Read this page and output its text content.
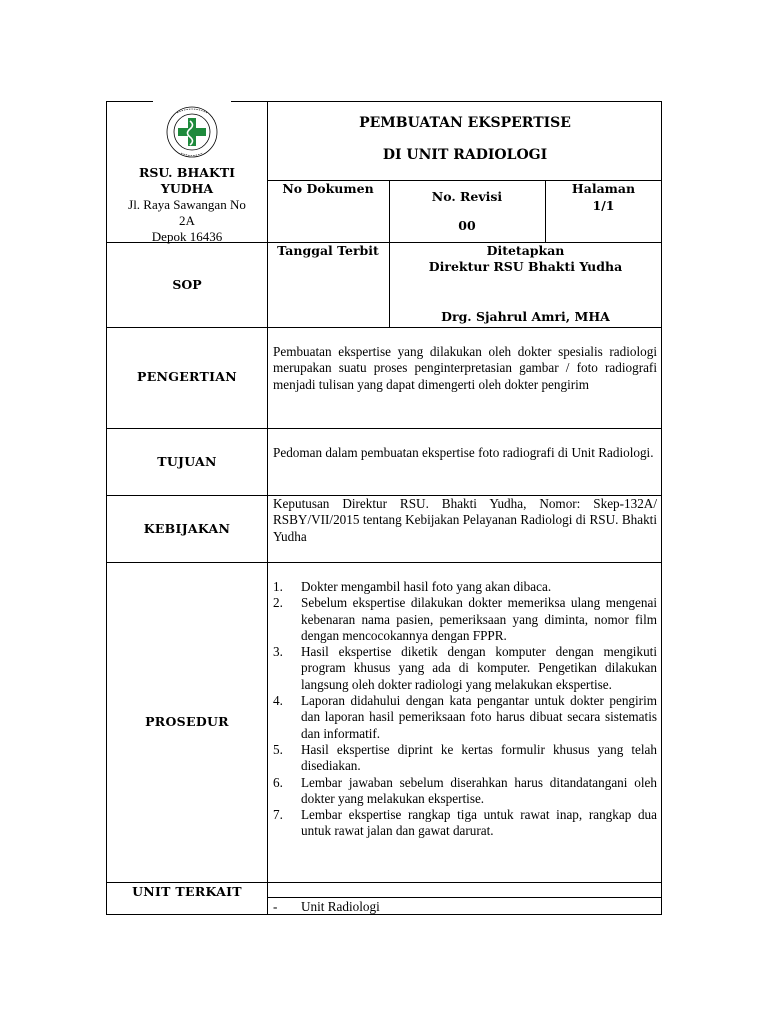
RSU. BHAKTI YUDHA
Jl. Raya Sawangan No
2A
Depok 16436
PEMBUATAN EKSPERTISE
DI UNIT RADIOLOGI
No Dokumen
No. Revisi
00
Halaman
1/1
SOP
Tanggal Terbit	Ditetapkan
Direktur RSU Bhakti Yudha
Drg. Sjahrul Amri, MHA
PENGERTIAN
Pembuatan ekspertise yang dilakukan oleh dokter spesialis radiologi merupakan suatu proses penginterpretasian gambar / foto radiografi menjadi tulisan yang dapat dimengerti oleh dokter pengirim
TUJUAN
Pedoman dalam pembuatan ekspertise foto radiografi di Unit Radiologi.
KEBIJAKAN
Keputusan Direktur RSU. Bhakti Yudha, Nomor: Skep-132A/ RSBY/VII/2015 tentang Kebijakan Pelayanan Radiologi di RSU. Bhakti Yudha
PROSEDUR
1. Dokter mengambil hasil foto yang akan dibaca.
2. Sebelum ekspertise dilakukan dokter memeriksa ulang mengenai kebenaran nama pasien, pemeriksaan yang diminta, nomor film dengan mencocokannya dengan FPPR.
3. Hasil ekspertise diketik dengan komputer dengan mengikuti program khusus yang ada di komputer. Pengetikan dilakukan langsung oleh dokter radiologi yang melakukan ekspertise.
4. Laporan didahului dengan kata pengantar untuk dokter pengirim dan laporan hasil pemeriksaan foto harus dibuat secara sistematis dan informatif.
5. Hasil ekspertise diprint ke kertas formulir khusus yang telah disediakan.
6. Lembar jawaban sebelum diserahkan harus ditandatangani oleh dokter yang melakukan ekspertise.
7. Lembar ekspertise rangkap tiga untuk rawat inap, rangkap dua untuk rawat jalan dan gawat darurat.
UNIT TERKAIT
- Unit Radiologi
